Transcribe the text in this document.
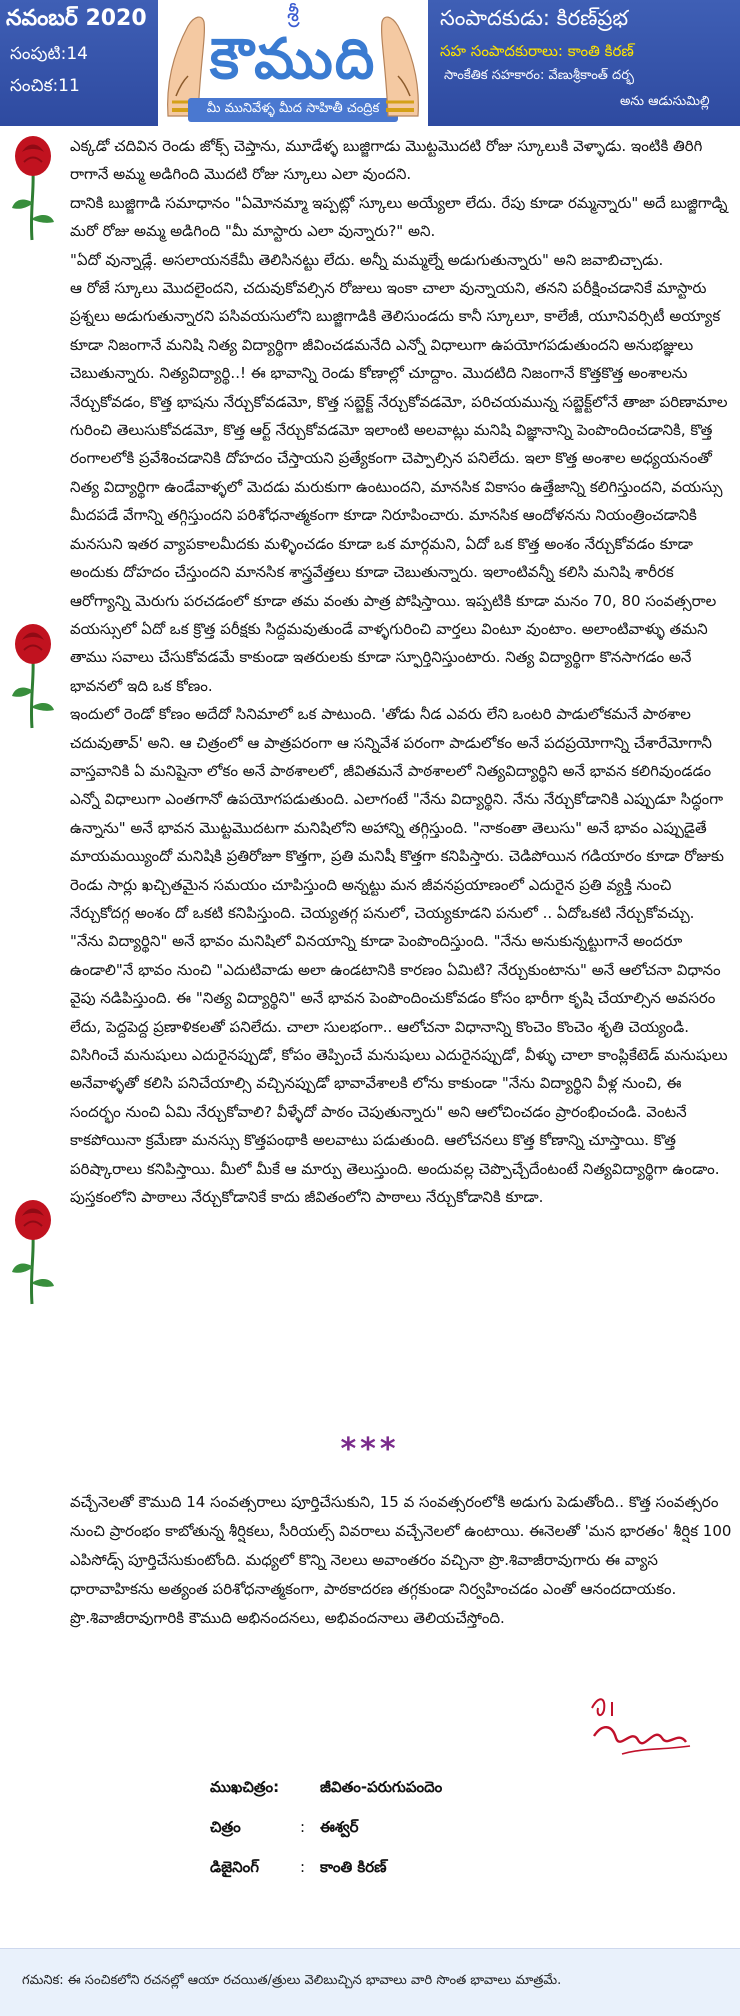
నవంబర్ 2020
సంపుటి:14
సంచిక:11
శ్రీ
కౌముది
మీ మునివేళ్ళ మీద సాహితీ చంద్రిక
సంపాదకుడు: కిరణ్‌ప్రభ
సహ సంపాదకురాలు: కాంతి కిరణ్
సాంకేతిక సహకారం: వేణుశ్రీకాంత్ దర్భ
అను ఆడుసుమిల్లి

ఎక్కడో చదివిన రెండు జోక్స్ చెప్తాను, మూడేళ్ళ బుజ్జిగాడు మొట్టమొదటి రోజు స్కూలుకి వెళ్ళాడు. ఇంటికి తిరిగి రాగానే అమ్మ అడిగింది మొదటి రోజు స్కూలు ఎలా వుందని.

దానికి బుజ్జిగాడి సమాధానం "ఏమోనమ్మా ఇప్పట్లో స్కూలు అయ్యేలా లేదు. రేపు కూడా రమ్మన్నారు" అదే బుజ్జిగాడ్ని మరో రోజు అమ్మ అడిగింది "మీ మాస్టారు ఎలా వున్నారు?" అని.

"ఏదో వున్నాడ్లే. అసలాయనకేమీ తెలిసినట్టు లేదు. అన్నీ మమ్మల్నే అడుగుతున్నారు" అని జవాబిచ్చాడు.

ఆ రోజే స్కూలు మొదలైందని, చదువుకోవల్సిన రోజులు ఇంకా చాలా వున్నాయని, తనని పరీక్షించడానికే మాస్టారు ప్రశ్నలు అడుగుతున్నారని పసివయసులోని బుజ్జిగాడికి తెలిసుండదు కానీ స్కూలూ, కాలేజీ, యూనివర్సిటీ అయ్యాక కూడా నిజంగానే మనిషి నిత్య విద్యార్థిగా జీవించడమనేది ఎన్నో విధాలుగా ఉపయోగపడుతుందని అనుభజ్ఞులు చెబుతున్నారు. నిత్యవిద్యార్థి..! ఈ భావాన్ని రెండు కోణాల్లో చూద్దాం. మొదటిది నిజంగానే కొత్తకొత్త అంశాలను నేర్చుకోవడం, కొత్త భాషను నేర్చుకోవడమో, కొత్త సబ్జెక్ట్ నేర్చుకోవడమో, పరిచయమున్న సబ్జెక్ట్‌లోనే తాజా పరిణామాల గురించి తెలుసుకోవడమో, కొత్త ఆర్ట్ నేర్చుకోవడమో ఇలాంటి అలవాట్లు మనిషి విజ్ఞానాన్ని పెంపొందించడానికి, కొత్త రంగాలలోకి ప్రవేశించడానికి దోహదం చేస్తాయని ప్రత్యేకంగా చెప్పాల్సిన పనిలేదు. ఇలా కొత్త అంశాల అధ్యయనంతో నిత్య విద్యార్థిగా ఉండేవాళ్ళలో మెదడు మరుకుగా ఉంటుందని, మానసిక వికాసం ఉత్తేజాన్ని కలిగిస్తుందని, వయస్సు మీదపడే వేగాన్ని తగ్గిస్తుందని పరిశోధనాత్మకంగా కూడా నిరూపించారు. మానసిక ఆందోళనను నియంత్రించడానికి మనసుని ఇతర వ్యాపకాలమీదకు మళ్ళించడం కూడా ఒక మార్గమని, ఏదో ఒక కొత్త అంశం నేర్చుకోవడం కూడా అందుకు దోహదం చేస్తుందని మానసిక శాస్త్రవేత్తలు కూడా చెబుతున్నారు. ఇలాంటివన్నీ కలిసి మనిషి శారీరక ఆరోగ్యాన్ని మెరుగు పరచడంలో కూడా తమ వంతు పాత్ర పోషిస్తాయి. ఇప్పటికి కూడా మనం 70, 80 సంవత్సరాల వయస్సులో ఏదో ఒక క్రొత్త పరీక్షకు సిద్దమవుతుండే వాళ్ళగురించి వార్తలు వింటూ వుంటాం. అలాంటివాళ్ళు తమని తాము సవాలు చేసుకోవడమే కాకుండా ఇతరులకు కూడా స్ఫూర్తినిస్తుంటారు. నిత్య విద్యార్థిగా కొనసాగడం అనే భావనలో ఇది ఒక కోణం.

ఇందులో రెండో కోణం అదేదో సినిమాలో ఒక పాటుంది. 'తోడు నీడ ఎవరు లేని ఒంటరి పాడులోకమనే పాఠశాల చదువుతావ్' అని. ఆ చిత్రంలో ఆ పాత్రపరంగా ఆ సన్నివేశ పరంగా పాడులోకం అనే పదప్రయోగాన్ని చేశారేమోగానీ వాస్తవానికి ఏ మనిషైనా లోకం అనే పాఠశాలలో, జీవితమనే పాఠశాలలో నిత్యవిద్యార్థిని అనే భావన కలిగివుండడం ఎన్నో విధాలుగా ఎంతగానో ఉపయోగపడుతుంది. ఎలాగంటే "నేను విద్యార్థిని. నేను నేర్చుకోడానికి ఎప్పుడూ సిద్ధంగా ఉన్నాను" అనే భావన మొట్టమొదటగా మనిషిలోని అహాన్ని తగ్గిస్తుంది. "నాకంతా తెలుసు" అనే భావం ఎప్పుడైతే మాయమయ్యిందో మనిషికి ప్రతిరోజూ కొత్తగా, ప్రతి మనిషీ కొత్తగా కనిపిస్తారు. చెడిపోయిన గడియారం కూడా రోజుకు రెండు సార్లు ఖచ్చితమైన సమయం చూపిస్తుంది అన్నట్టు మన జీవనప్రయాణంలో ఎదురైన ప్రతి వ్యక్తి నుంచి నేర్చుకోదగ్గ అంశం దో ఒకటి కనిపిస్తుంది. చెయ్యతగ్గ పనులో, చెయ్యకూడని పనులో .. ఏదోఒకటి నేర్చుకోవచ్చు. "నేను విద్యార్థిని" అనే భావం మనిషిలో వినయాన్ని కూడా పెంపొందిస్తుంది. "నేను అనుకున్నట్టుగానే అందరూ ఉండాలి"నే భావం నుంచి "ఎదుటివాడు అలా ఉండటానికి కారణం ఏమిటి? నేర్చుకుంటాను" అనే ఆలోచనా విధానం వైపు నడిపిస్తుంది. ఈ "నిత్య విద్యార్థిని" అనే భావన పెంపొందించుకోవడం కోసం భారీగా కృషి చేయాల్సిన అవసరం లేదు, పెద్దపెద్ద ప్రణాళికలతో పనిలేదు. చాలా సులభంగా.. ఆలోచనా విధానాన్ని కొంచెం కొంచెం శృతి చెయ్యండి. విసిగించే మనుషులు ఎదురైనప్పుడో, కోపం తెప్పించే మనుషులు ఎదురైనప్పుడో, వీళ్ళు చాలా కాంప్లికేటెడ్ మనుషులు అనేవాళ్ళతో కలిసి పనిచేయాల్సి వచ్చినప్పుడో భావావేశాలకి లోను కాకుండా "నేను విద్యార్థిని వీళ్ల నుంచి, ఈ సందర్భం నుంచి ఏమి నేర్చుకోవాలి? వీళ్ళేదో పాఠం చెపుతున్నారు" అని ఆలోచించడం ప్రారంభించండి. వెంటనే కాకపోయినా క్రమేణా మనస్సు కొత్తపంథాకి అలవాటు పడుతుంది. ఆలోచనలు కొత్త కోణాన్ని చూస్తాయి. కొత్త పరిష్కారాలు కనిపిస్తాయి. మీలో మీకే ఆ మార్పు తెలుస్తుంది. అందువల్ల చెప్పొచ్చేదేంటంటే నిత్యవిద్యార్థిగా ఉండాం. పుస్తకంలోని పాఠాలు నేర్చుకోడానికే కాదు జీవితంలోని పాఠాలు నేర్చుకోడానికి కూడా.

***

వచ్చేనెలతో కౌముది 14 సంవత్సరాలు పూర్తిచేసుకుని, 15 వ సంవత్సరంలోకి అడుగు పెడుతోంది.. కొత్త సంవత్సరం నుంచి ప్రారంభం కాబోతున్న శీర్షికలు, సీరియల్స్ వివరాలు వచ్చేనెలలో ఉంటాయి. ఈనెలతో 'మన భారతం' శీర్షిక 100 ఎపిసోడ్స్ పూర్తిచేసుకుంటోంది. మధ్యలో కొన్ని నెలలు అవాంతరం వచ్చినా ప్రొ.శివాజీరావుగారు ఈ వ్యాస ధారావాహికను అత్యంత పరిశోధనాత్మకంగా, పాఠకాదరణ తగ్గకుండా నిర్వహించడం ఎంతో ఆనందదాయకం. ప్రొ.శివాజీరావుగారికి కౌముది అభినందనలు, అభివందనాలు తెలియచేస్తోంది.

ముఖచిత్రం:	జీవితం-పరుగుపందెం
చిత్రం	: ఈశ్వర్
డిజైనింగ్	: కాంతి కిరణ్
గమనిక: ఈ సంచికలోని రచనల్లో ఆయా రచయిత/త్రులు వెలిబుచ్చిన భావాలు వారి సొంత భావాలు మాత్రమే.
